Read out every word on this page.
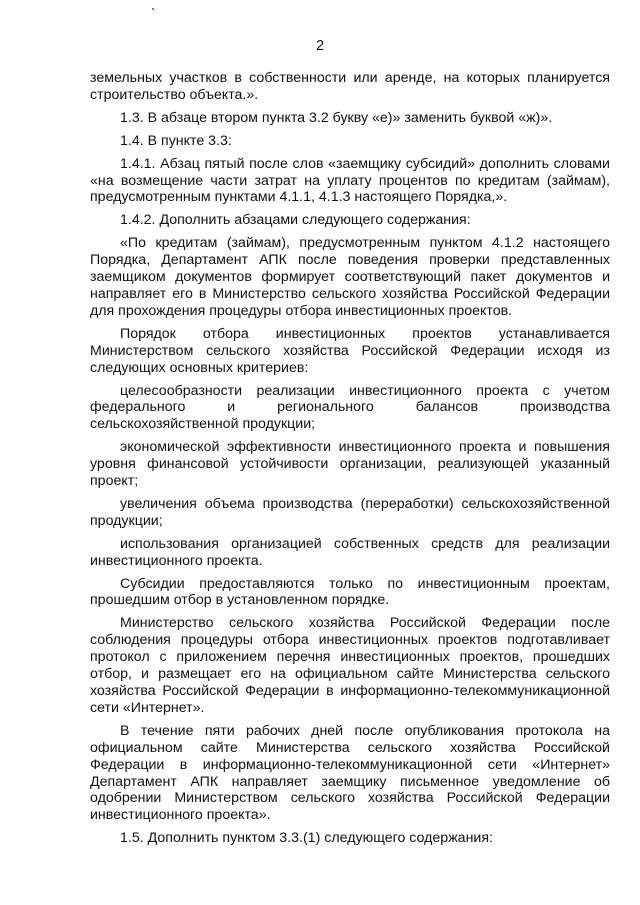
2

земельных участков в собственности или аренде, на которых планируется строительство объекта.».

1.3. В абзаце втором пункта 3.2 букву «е)» заменить буквой «ж)».

1.4. В пункте 3.3:

1.4.1. Абзац пятый после слов «заемщику субсидий» дополнить словами «на возмещение части затрат на уплату процентов по кредитам (займам), предусмотренным пунктами 4.1.1, 4.1.3 настоящего Порядка,».

1.4.2. Дополнить абзацами следующего содержания:

«По кредитам (займам), предусмотренным пунктом 4.1.2 настоящего Порядка, Департамент АПК после поведения проверки представленных заемщиком документов формирует соответствующий пакет документов и направляет его в Министерство сельского хозяйства Российской Федерации для прохождения процедуры отбора инвестиционных проектов.

Порядок отбора инвестиционных проектов устанавливается Министерством сельского хозяйства Российской Федерации исходя из следующих основных критериев:

целесообразности реализации инвестиционного проекта с учетом федерального и регионального балансов производства сельскохозяйственной продукции;

экономической эффективности инвестиционного проекта и повышения уровня финансовой устойчивости организации, реализующей указанный проект;

увеличения объема производства (переработки) сельскохозяйственной продукции;

использования организацией собственных средств для реализации инвестиционного проекта.

Субсидии предоставляются только по инвестиционным проектам, прошедшим отбор в установленном порядке.

Министерство сельского хозяйства Российской Федерации после соблюдения процедуры отбора инвестиционных проектов подготавливает протокол с приложением перечня инвестиционных проектов, прошедших отбор, и размещает его на официальном сайте Министерства сельского хозяйства Российской Федерации в информационно-телекоммуникационной сети «Интернет».

В течение пяти рабочих дней после опубликования протокола на официальном сайте Министерства сельского хозяйства Российской Федерации в информационно-телекоммуникационной сети «Интернет» Департамент АПК направляет заемщику письменное уведомление об одобрении Министерством сельского хозяйства Российской Федерации инвестиционного проекта».

1.5. Дополнить пунктом 3.3.(1) следующего содержания:
